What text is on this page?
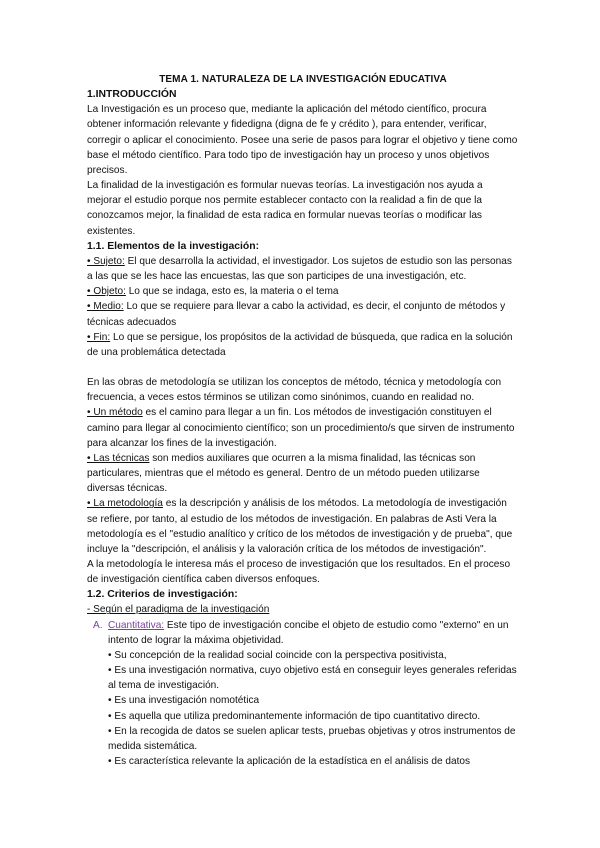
TEMA 1. NATURALEZA DE LA INVESTIGACIÓN EDUCATIVA

1.INTRODUCCIÓN

La Investigación es un proceso que, mediante la aplicación del método científico, procura obtener información relevante y fidedigna (digna de fe y crédito ), para entender, verificar, corregir o aplicar el conocimiento. Posee una serie de pasos para lograr el objetivo y tiene como base el método científico. Para todo tipo de investigación hay un proceso y unos objetivos precisos.

La finalidad de la investigación es formular nuevas teorías. La investigación nos ayuda a mejorar el estudio porque nos permite establecer contacto con la realidad a fin de que la conozcamos mejor, la finalidad de esta radica en formular nuevas teorías o modificar las existentes.

1.1. Elementos de la investigación:

• Sujeto: El que desarrolla la actividad, el investigador. Los sujetos de estudio son las personas a las que se les hace las encuestas, las que son participes de una investigación, etc.

• Objeto: Lo que se indaga, esto es, la materia o el tema

• Medio: Lo que se requiere para llevar a cabo la actividad, es decir, el conjunto de métodos y técnicas adecuados

• Fin: Lo que se persigue, los propósitos de la actividad de búsqueda, que radica en la solución de una problemática detectada

En las obras de metodología se utilizan los conceptos de método, técnica y metodología con frecuencia, a veces estos términos se utilizan como sinónimos, cuando en realidad no.

• Un método es el camino para llegar a un fin. Los métodos de investigación constituyen el camino para llegar al conocimiento científico; son un procedimiento/s que sirven de instrumento para alcanzar los fines de la investigación.

• Las técnicas son medios auxiliares que ocurren a la misma finalidad, las técnicas son particulares, mientras que el método es general. Dentro de un método pueden utilizarse diversas técnicas.

• La metodología es la descripción y análisis de los métodos. La metodología de investigación se refiere, por tanto, al estudio de los métodos de investigación. En palabras de Asti Vera la metodología es el "estudio analítico y crítico de los métodos de investigación y de prueba", que incluye la "descripción, el análisis y la valoración crítica de los métodos de investigación".

A la metodología le interesa más el proceso de investigación que los resultados. En el proceso de investigación científica caben diversos enfoques.

1.2. Criterios de investigación:

- Según el paradigma de la investigación

A. Cuantitativa: Este tipo de investigación concibe el objeto de estudio como "externo" en un intento de lograr la máxima objetividad.

• Su concepción de la realidad social coincide con la perspectiva positivista,

• Es una investigación normativa, cuyo objetivo está en conseguir leyes generales referidas al tema de investigación.

• Es una investigación nomotética

• Es aquella que utiliza predominantemente información de tipo cuantitativo directo.

• En la recogida de datos se suelen aplicar tests, pruebas objetivas y otros instrumentos de medida sistemática.

• Es característica relevante la aplicación de la estadística en el análisis de datos
